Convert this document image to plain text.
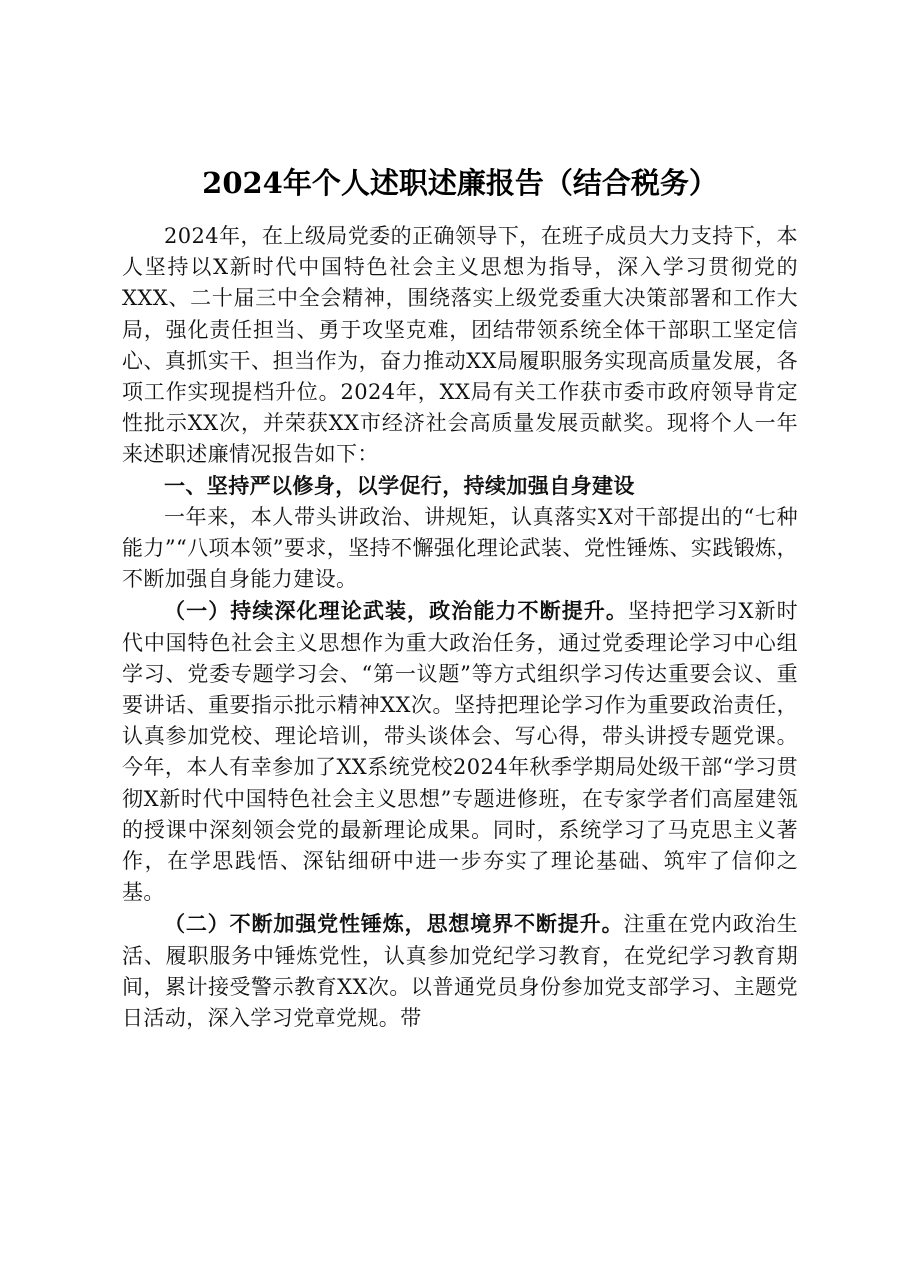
2024年个人述职述廉报告（结合税务）

2024年，在上级局党委的正确领导下，在班子成员大力支持下，本人坚持以X新时代中国特色社会主义思想为指导，深入学习贯彻党的XXX、二十届三中全会精神，围绕落实上级党委重大决策部署和工作大局，强化责任担当、勇于攻坚克难，团结带领系统全体干部职工坚定信心、真抓实干、担当作为，奋力推动XX局履职服务实现高质量发展，各项工作实现提档升位。2024年，XX局有关工作获市委市政府领导肯定性批示XX次，并荣获XX市经济社会高质量发展贡献奖。现将个人一年来述职述廉情况报告如下：

一、坚持严以修身，以学促行，持续加强自身建设

一年来，本人带头讲政治、讲规矩，认真落实X对干部提出的“七种能力”“八项本领”要求，坚持不懈强化理论武装、党性锤炼、实践锻炼，不断加强自身能力建设。

（一）持续深化理论武装，政治能力不断提升。坚持把学习X新时代中国特色社会主义思想作为重大政治任务，通过党委理论学习中心组学习、党委专题学习会、“第一议题”等方式组织学习传达重要会议、重要讲话、重要指示批示精神XX次。坚持把理论学习作为重要政治责任，认真参加党校、理论培训，带头谈体会、写心得，带头讲授专题党课。今年，本人有幸参加了XX系统党校2024年秋季学期局处级干部“学习贯彻X新时代中国特色社会主义思想”专题进修班，在专家学者们高屋建瓴的授课中深刻领会党的最新理论成果。同时，系统学习了马克思主义著作，在学思践悟、深钻细研中进一步夯实了理论基础、筑牢了信仰之基。

（二）不断加强党性锤炼，思想境界不断提升。注重在党内政治生活、履职服务中锤炼党性，认真参加党纪学习教育，在党纪学习教育期间，累计接受警示教育XX次。以普通党员身份参加党支部学习、主题党日活动，深入学习党章党规。带
